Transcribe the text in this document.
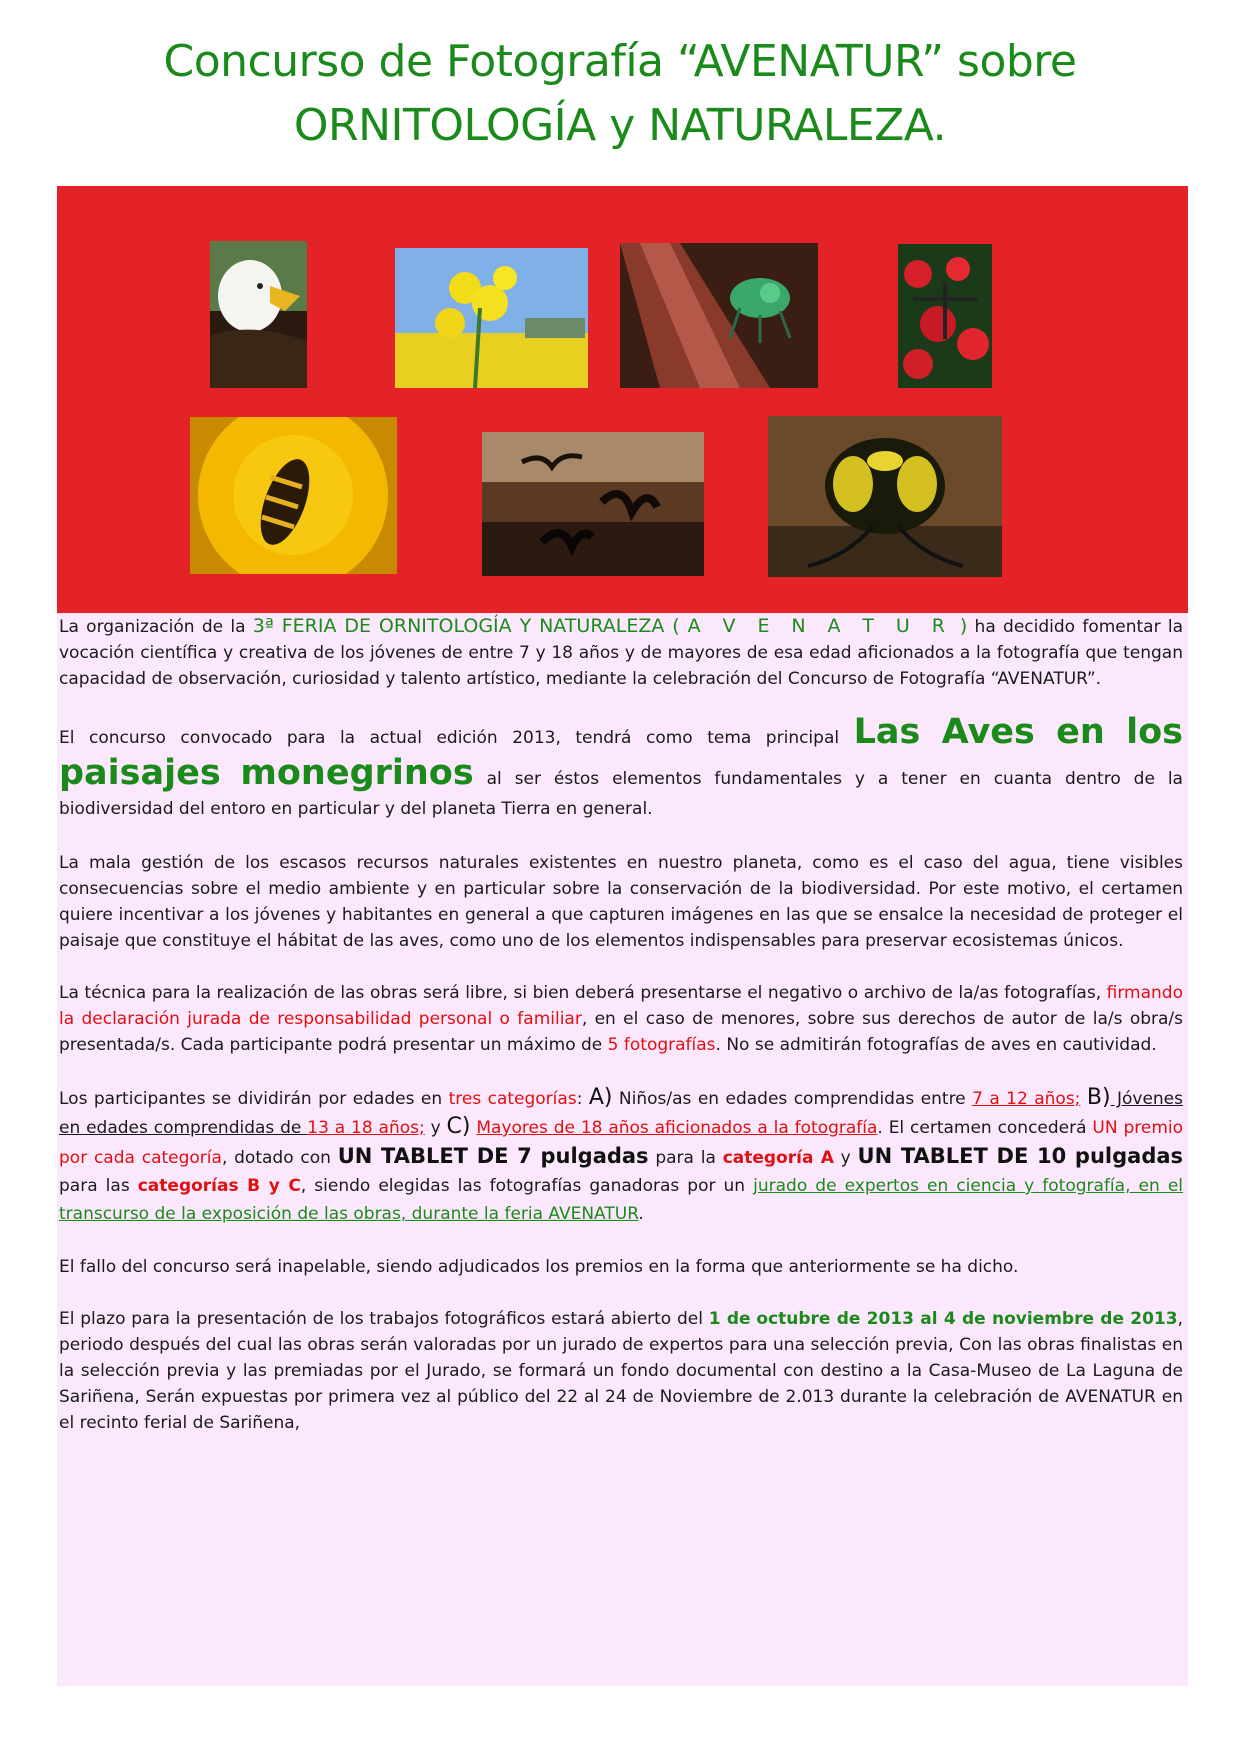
Concurso de Fotografía “AVENATUR” sobre
ORNITOLOGÍA y NATURALEZA.

La organización de la 3ª FERIA DE ORNITOLOGÍA Y NATURALEZA ( A V E N A T U R ) ha decidido fomentar la vocación científica y creativa de los jóvenes de entre 7 y 18 años y de mayores de esa edad aficionados a la fotografía que tengan capacidad de observación, curiosidad y talento artístico, mediante la celebración del Concurso de Fotografía “AVENATUR”.

El concurso convocado para la actual edición 2013, tendrá como tema principal Las Aves en los paisajes monegrinos al ser éstos elementos fundamentales y a tener en cuanta dentro de la biodiversidad del entoro en particular y del planeta Tierra en general.

La mala gestión de los escasos recursos naturales existentes en nuestro planeta, como es el caso del agua, tiene visibles consecuencias sobre el medio ambiente y en particular sobre la conservación de la biodiversidad. Por este motivo, el certamen quiere incentivar a los jóvenes y habitantes en general a que capturen imágenes en las que se ensalce la necesidad de proteger el paisaje que constituye el hábitat de las aves, como uno de los elementos indispensables para preservar ecosistemas únicos.

La técnica para la realización de las obras será libre, si bien deberá presentarse el negativo o archivo de la/as fotografías, firmando la declaración jurada de responsabilidad personal o familiar, en el caso de menores, sobre sus derechos de autor de la/s obra/s presentada/s. Cada participante podrá presentar un máximo de 5 fotografías. No se admitirán fotografías de aves en cautividad.

Los participantes se dividirán por edades en tres categorías: A) Niños/as en edades comprendidas entre 7 a 12 años; B) Jóvenes en edades comprendidas de 13 a 18 años; y C) Mayores de 18 años aficionados a la fotografía. El certamen concederá UN premio por cada categoría, dotado con UN TABLET DE 7 pulgadas para la categoría A y UN TABLET DE 10 pulgadas para las categorías B y C, siendo elegidas las fotografías ganadoras por un jurado de expertos en ciencia y fotografía, en el transcurso de la exposición de las obras, durante la feria AVENATUR.

El fallo del concurso será inapelable, siendo adjudicados los premios en la forma que anteriormente se ha dicho.

El plazo para la presentación de los trabajos fotográficos estará abierto del 1 de octubre de 2013 al 4 de noviembre de 2013, periodo después del cual las obras serán valoradas por un jurado de expertos para una selección previa, Con las obras finalistas en la selección previa y las premiadas por el Jurado, se formará un fondo documental con destino a la Casa-Museo de La Laguna de Sariñena, Serán expuestas por primera vez al público del 22 al 24 de Noviembre de 2.013 durante la celebración de AVENATUR en el recinto ferial de Sariñena,
